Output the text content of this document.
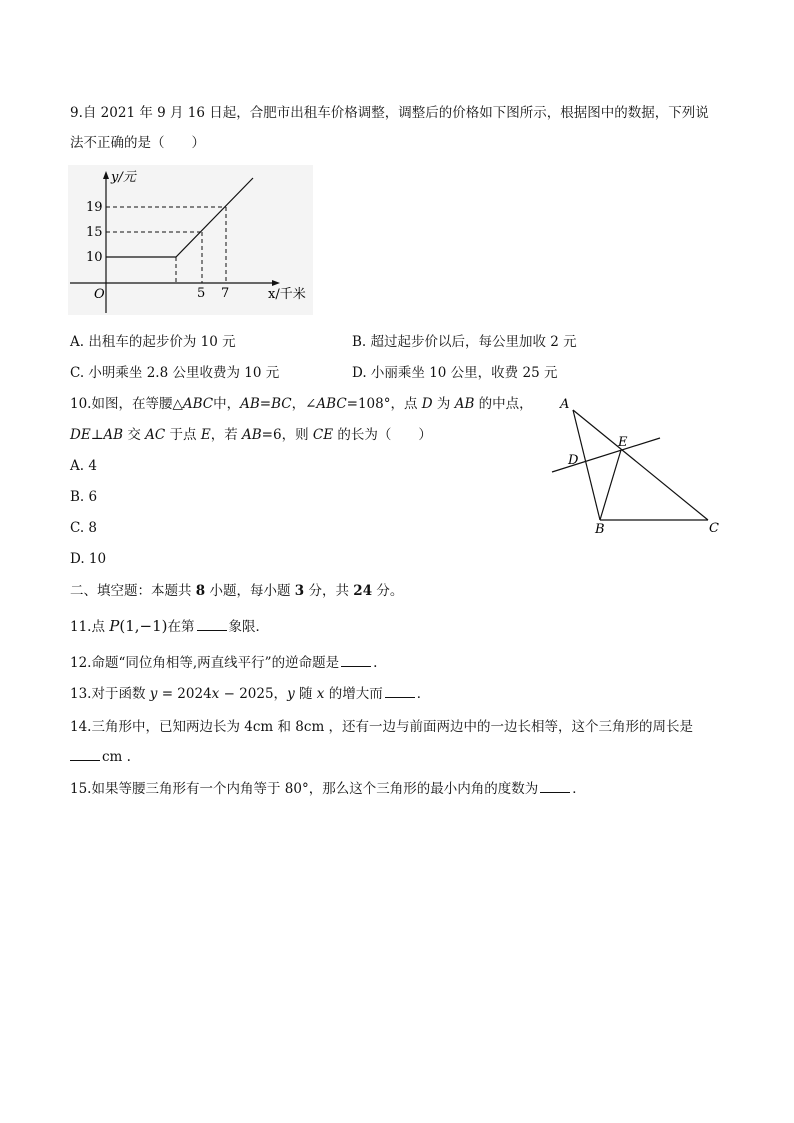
9.自 2021 年 9 月 16 日起，合肥市出租车价格调整，调整后的价格如下图所示，根据图中的数据，下列说
法不正确的是（　　）
y/元
x/千米
O
19
15
10
5 7
A. 出租车的起步价为 10 元	B. 超过起步价以后，每公里加收 2 元
C. 小明乘坐 2.8 公里收费为 10 元	D. 小丽乘坐 10 公里，收费 25 元
10.如图，在等腰△ABC中，AB=BC，∠ABC=108°，点 D 为 AB 的中点，
DE⊥AB 交 AC 于点 E，若 AB=6，则 CE 的长为（　　）
A. 4
B. 6
C. 8
D. 10
A
B	C
D
E
二、填空题：本题共 8 小题，每小题 3 分，共 24 分。
11.点 P(1,−1)在第	象限．
12.命题“同位角相等,两直线平行”的逆命题是	.
13.对于函数 y = 2024x − 2025，y 随 x 的增大而	．
14.三角形中，已知两边长为 4cm 和 8cm ，还有一边与前面两边中的一边长相等，这个三角形的周长是
cm .
15.如果等腰三角形有一个内角等于 80°，那么这个三角形的最小内角的度数为	．
